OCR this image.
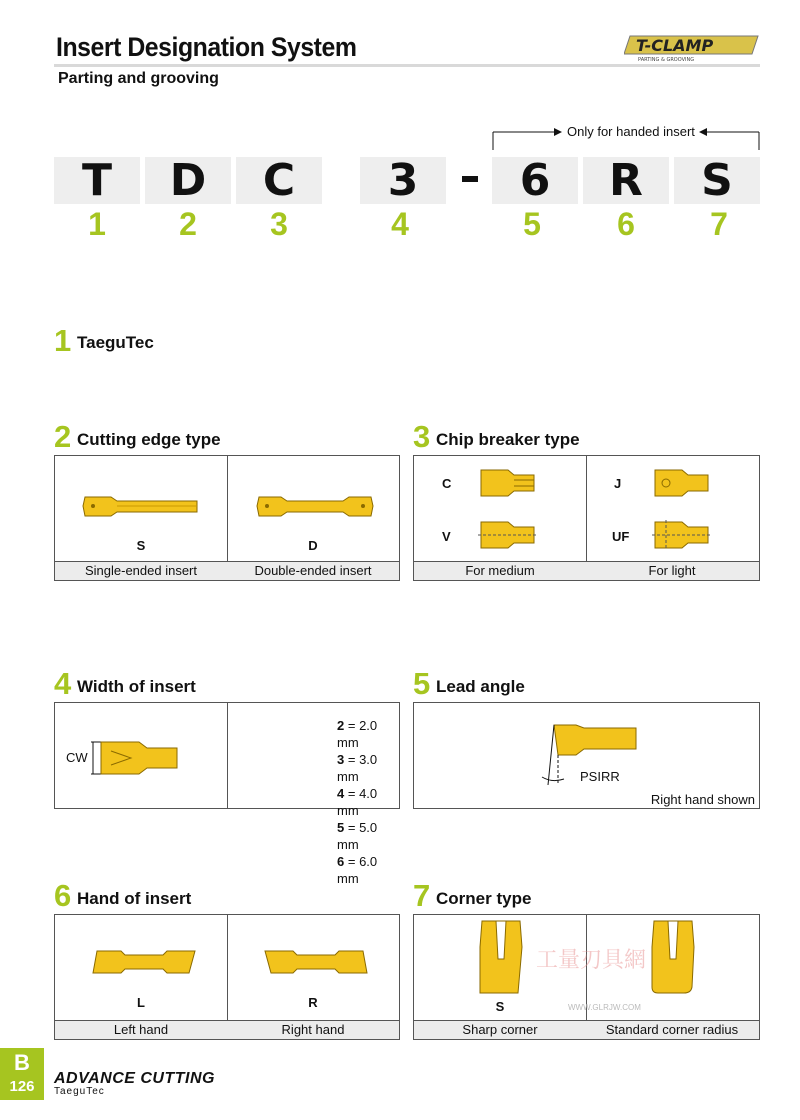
Insert Designation System
Parting and grooving
T-CLAMP
PARTING & GROOVING
Only for handed insert
T	D	C	3	6	R	S
1	2	3	4	5	6	7
1 TaeguTec
2 Cutting edge type
S	D
Single-ended insert	Double-ended insert
3 Chip breaker type
C	J
V	UF
For medium	For light
4 Width of insert
CW
2 = 2.0 mm
3 = 3.0 mm
4 = 4.0 mm
5 = 5.0 mm
6 = 6.0 mm
5 Lead angle
PSIRR
Right hand shown
6 Hand of insert
L	R
Left hand	Right hand
7 Corner type
S
Sharp corner	Standard corner radius
工量刃具網
WWW.GLRJW.COM
B
126	ADVANCE CUTTING
TaeguTec
